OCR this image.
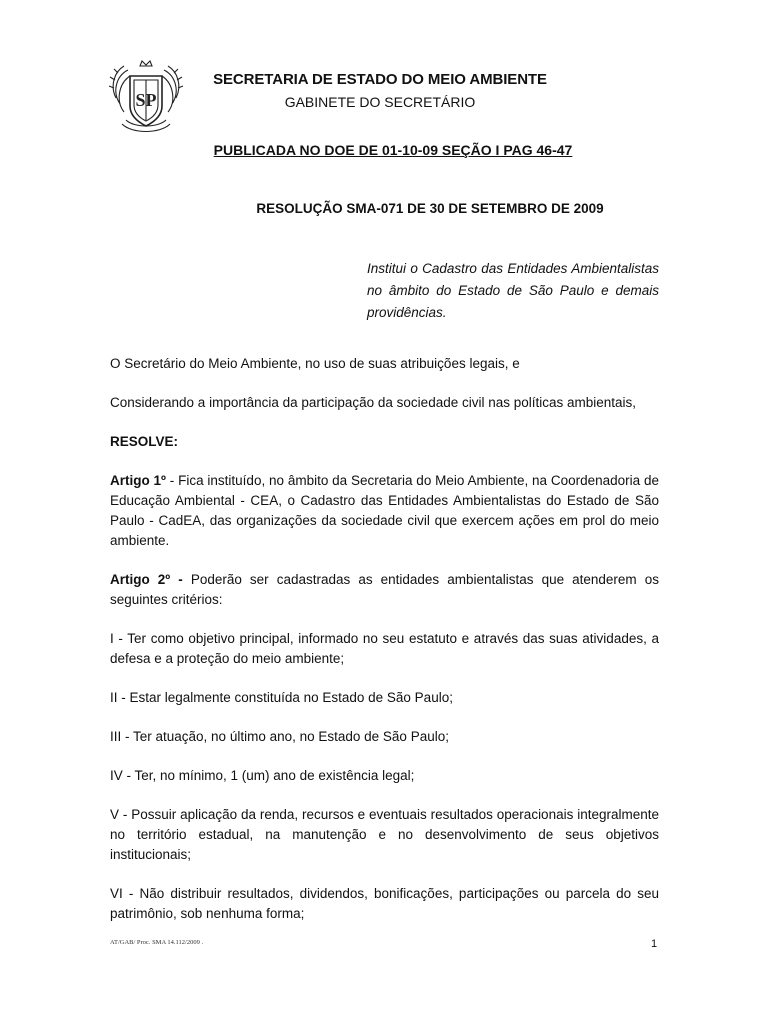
SP
SECRETARIA DE ESTADO DO MEIO AMBIENTE
GABINETE DO SECRETÁRIO
PUBLICADA NO DOE DE 01-10-09 SEÇÃO I PAG 46-47
RESOLUÇÃO SMA-071 DE 30 DE SETEMBRO DE 2009
Institui o Cadastro das Entidades Ambientalistas no âmbito do Estado de São Paulo e demais providências.

O Secretário do Meio Ambiente, no uso de suas atribuições legais, e

Considerando a importância da participação da sociedade civil nas políticas ambientais,

RESOLVE:

Artigo 1º - Fica instituído, no âmbito da Secretaria do Meio Ambiente, na Coordenadoria de Educação Ambiental - CEA, o Cadastro das Entidades Ambientalistas do Estado de São Paulo - CadEA, das organizações da sociedade civil que exercem ações em prol do meio ambiente.

Artigo 2º - Poderão ser cadastradas as entidades ambientalistas que atenderem os seguintes critérios:

I - Ter como objetivo principal, informado no seu estatuto e através das suas atividades, a defesa e a proteção do meio ambiente;

II - Estar legalmente constituída no Estado de São Paulo;

III - Ter atuação, no último ano, no Estado de São Paulo;

IV - Ter, no mínimo, 1 (um) ano de existência legal;

V - Possuir aplicação da renda, recursos e eventuais resultados operacionais integralmente no território estadual, na manutenção e no desenvolvimento de seus objetivos institucionais;

VI - Não distribuir resultados, dividendos, bonificações, participações ou parcela do seu patrimônio, sob nenhuma forma;

AT/GAB/ Proc. SMA 14.112/2009 .	1
